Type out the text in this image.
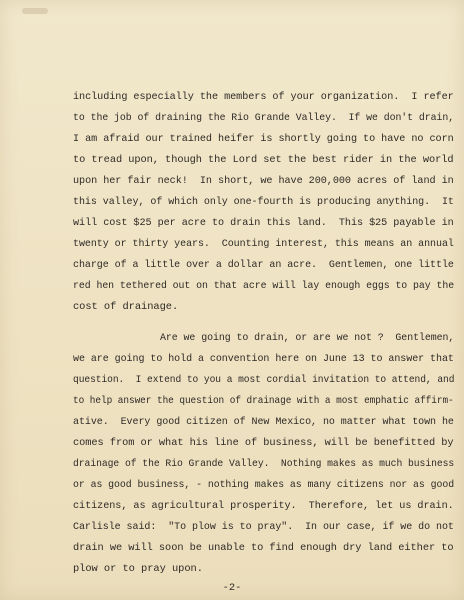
including especially the members of your organization.  I refer
to the job of draining the Rio Grande Valley.  If we don't drain,
I am afraid our trained heifer is shortly going to have no corn
to tread upon, though the Lord set the best rider in the world
upon her fair neck!  In short, we have 200,000 acres of land in
this valley, of which only one-fourth is producing anything.  It
will cost $25 per acre to drain this land.  This $25 payable in
twenty or thirty years.  Counting interest, this means an annual
charge of a little over a dollar an acre.  Gentlemen, one little
red hen tethered out on that acre will lay enough eggs to pay the
cost of drainage.
Are we going to drain, or are we not ?  Gentlemen,
we are going to hold a convention here on June 13 to answer that
question.  I extend to you a most cordial invitation to attend, and
to help answer the question of drainage with a most emphatic affirm-
ative.  Every good citizen of New Mexico, no matter what town he
comes from or what his line of business, will be benefitted by
drainage of the Rio Grande Valley.  Nothing makes as much business
or as good business, - nothing makes as many citizens nor as good
citizens, as agricultural prosperity.  Therefore, let us drain.
Carlisle said:  "To plow is to pray".  In our case, if we do not
drain we will soon be unable to find enough dry land either to
plow or to pray upon.
-2-
